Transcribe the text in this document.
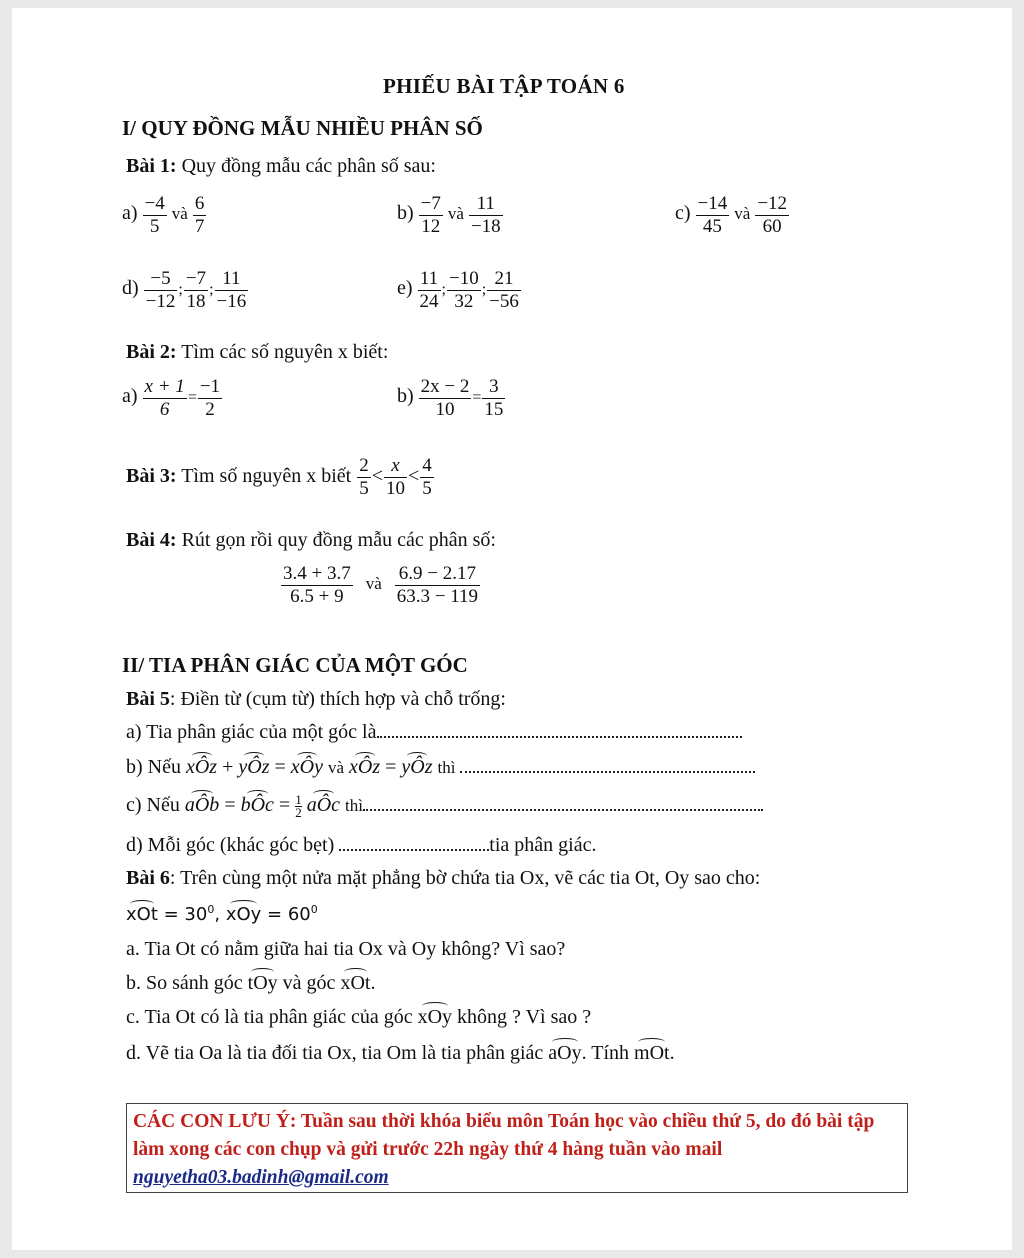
PHIẾU BÀI TẬP TOÁN 6
I/ QUY ĐỒNG MẪU NHIỀU PHÂN SỐ
Bài 1: Quy đồng mẫu các phân số sau:
$a) \frac{-4}{5}$ và $\frac{6}{7}$	$b) \frac{-7}{12}$ và $\frac{11}{-18}$	$c) \frac{-14}{45}$ và $\frac{-12}{60}$
$d) \frac{-5}{-12}$ ; $\frac{-7}{18}$ ; $\frac{11}{-16}$	$e) \frac{11}{24}$ ; $\frac{-10}{32}$ ; $\frac{21}{-56}$
Bài 2: Tìm các số nguyên x biết:
$a) \frac{x + 1}{6} = \frac{-1}{2}$	$b) \frac{2x - 2}{10} = \frac{3}{15}$
Bài 3: Tìm số nguyên x biết $\frac{2}{5} < \frac{x}{10} < \frac{4}{5}$
Bài 4: Rút gọn rồi quy đồng mẫu các phân số:
$\frac{3.4 + 3.7}{6.5 + 9}$ và $\frac{6.9 - 2.17}{63.3 - 119}$
II/ TIA PHÂN GIÁC CỦA MỘT GÓC
Bài 5: Điền từ (cụm từ) thích hợp và chỗ trống:
a) Tia phân giác của một góc là
b) Nếu xÔz + yÔz = xÔy và xÔz = yÔz thì
c) Nếu aÔb = bÔc = $\frac{1}{2}$ aÔc thì
d) Mỗi góc (khác góc bẹt)	tia phân giác.
Bài 6: Trên cùng một nửa mặt phẳng bờ chứa tia Ox, vẽ các tia Ot, Oy sao cho:
xOt = $30^0$, xOy = $60^0$
a. Tia Ot có nằm giữa hai tia Ox và Oy không? Vì sao?
b. So sánh góc tOy và góc xOt.
c. Tia Ot có là tia phân giác của góc xOy không ? Vì sao ?
d. Vẽ tia Oa là tia đối tia Ox, tia Om là tia phân giác aOy. Tính mOt.
CÁC CON LƯU Ý: Tuần sau thời khóa biểu môn Toán học vào chiều thứ 5, do đó bài tập làm xong các con chụp và gửi trước 22h ngày thứ 4 hàng tuần vào mail nguyetha03.badinh@gmail.com
